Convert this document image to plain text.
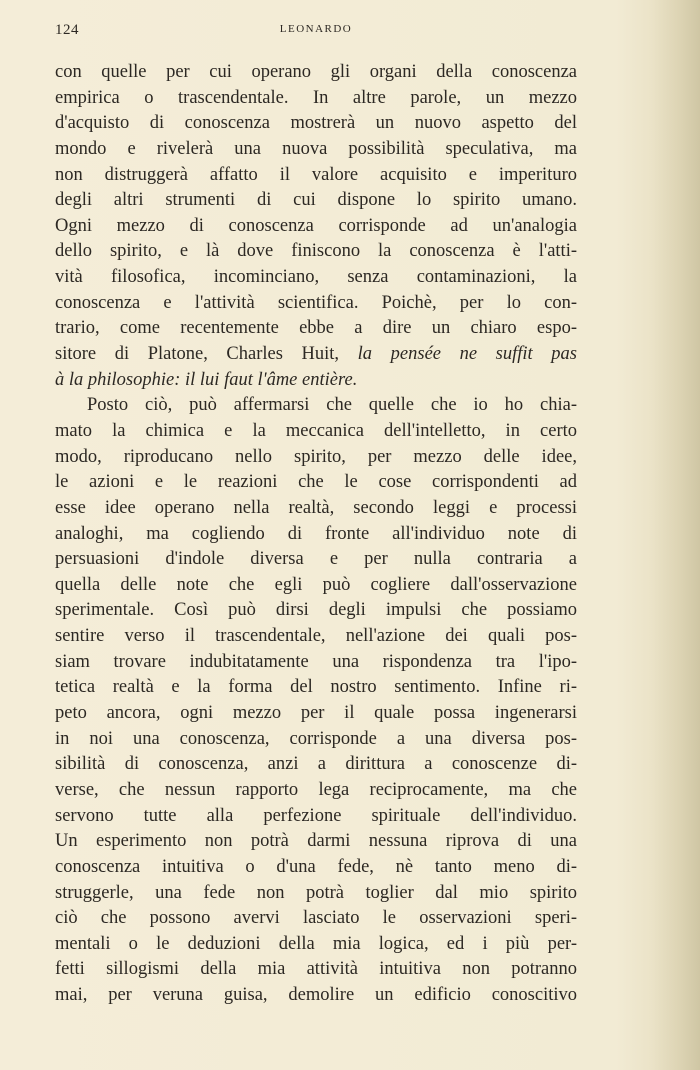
124	LEONARDO
con quelle per cui operano gli organi della conoscenza
empirica o trascendentale. In altre parole, un mezzo
d'acquisto di conoscenza mostrerà un nuovo aspetto del
mondo e rivelerà una nuova possibilità speculativa, ma
non distruggerà affatto il valore acquisito e imperituro
degli altri strumenti di cui dispone lo spirito umano.
Ogni mezzo di conoscenza corrisponde ad un'analogia
dello spirito, e là dove finiscono la conoscenza è l'atti-
vità filosofica, incominciano, senza contaminazioni, la
conoscenza e l'attività scientifica. Poichè, per lo con-
trario, come recentemente ebbe a dire un chiaro espo-
sitore di Platone, Charles Huit, la pensée ne suffit pas
à la philosophie: il lui faut l'âme entière.
Posto ciò, può affermarsi che quelle che io ho chia-
mato la chimica e la meccanica dell'intelletto, in certo
modo, riproducano nello spirito, per mezzo delle idee,
le azioni e le reazioni che le cose corrispondenti ad
esse idee operano nella realtà, secondo leggi e processi
analoghi, ma cogliendo di fronte all'individuo note di
persuasioni d'indole diversa e per nulla contraria a
quella delle note che egli può cogliere dall'osservazione
sperimentale. Così può dirsi degli impulsi che possiamo
sentire verso il trascendentale, nell'azione dei quali pos-
siam trovare indubitatamente una rispondenza tra l'ipo-
tetica realtà e la forma del nostro sentimento. Infine ri-
peto ancora, ogni mezzo per il quale possa ingenerarsi
in noi una conoscenza, corrisponde a una diversa pos-
sibilità di conoscenza, anzi a dirittura a conoscenze di-
verse, che nessun rapporto lega reciprocamente, ma che
servono tutte alla perfezione spirituale dell'individuo.
Un esperimento non potrà darmi nessuna riprova di una
conoscenza intuitiva o d'una fede, nè tanto meno di-
struggerle, una fede non potrà toglier dal mio spirito
ciò che possono avervi lasciato le osservazioni speri-
mentali o le deduzioni della mia logica, ed i più per-
fetti sillogismi della mia attività intuitiva non potranno
mai, per veruna guisa, demolire un edificio conoscitivo
